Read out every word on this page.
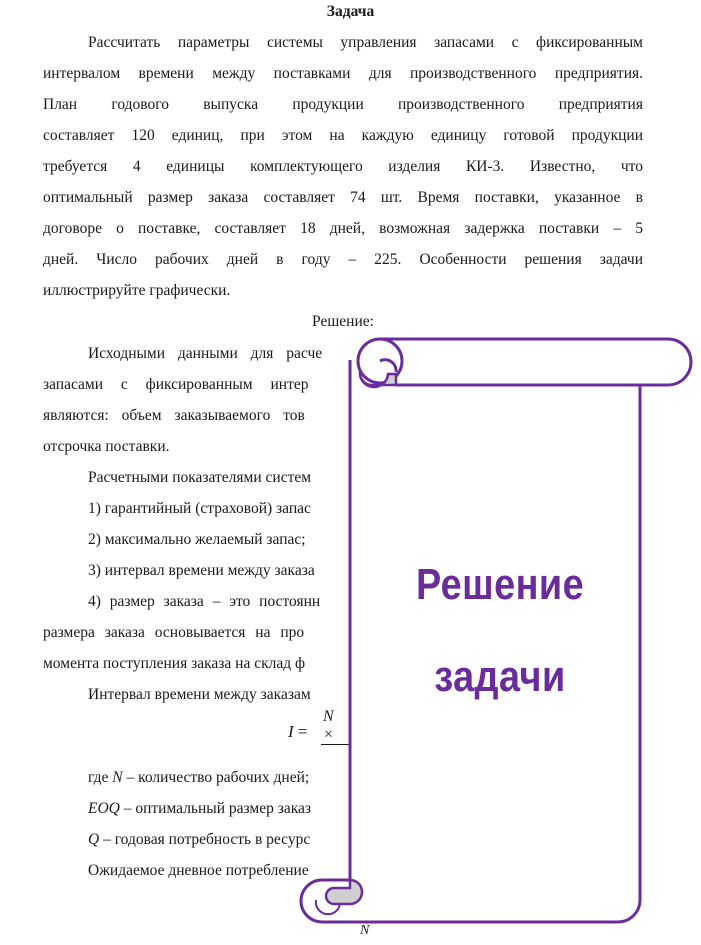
Задача
Рассчитать параметры системы управления запасами с фиксированным
интервалом времени между поставками для производственного предприятия.
План годового выпуска продукции производственного предприятия
составляет 120 единиц, при этом на каждую единицу готовой продукции
требуется 4 единицы комплектующего изделия КИ-3. Известно, что
оптимальный размер заказа составляет 74 шт. Время поставки, указанное в
договоре о поставке, составляет 18 дней, возможная задержка поставки – 5
дней. Число рабочих дней в году – 225. Особенности решения задачи
иллюстрируйте графически.
Решение:
Исходными данными для расче
запасами с фиксированным интер
являются: объем заказываемого тов
отсрочка поставки.
Расчетными показателями систем
1) гарантийный (страховой) запас
2) максимально желаемый запас;
3) интервал времени между заказа
4) размер заказа – это постоянн
размера заказа основывается на про
момента поступления заказа на склад ф
Интервал времени между заказам
I =
N ×
где N – количество рабочих дней;
EOQ – оптимальный размер заказ
Q – годовая потребность в ресурс
Ожидаемое дневное потребление
N
Решение
задачи
